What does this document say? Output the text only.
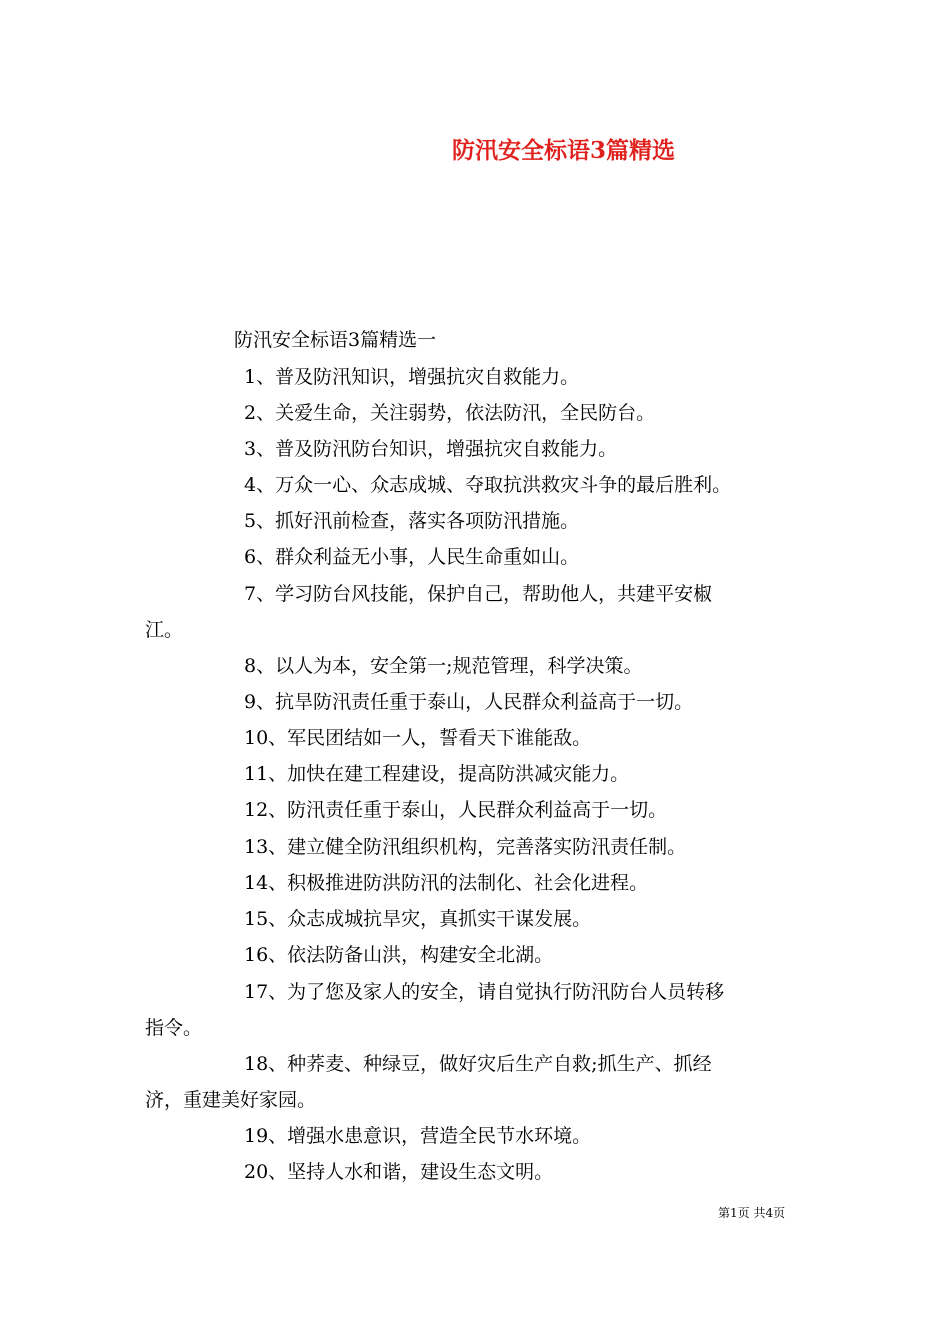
防汛安全标语3篇精选

防汛安全标语3篇精选一

1、普及防汛知识，增强抗灾自救能力。

2、关爱生命，关注弱势，依法防汛，全民防台。

3、普及防汛防台知识，增强抗灾自救能力。

4、万众一心、众志成城、夺取抗洪救灾斗争的最后胜利。

5、抓好汛前检查，落实各项防汛措施。

6、群众利益无小事，人民生命重如山。

7、学习防台风技能，保护自己，帮助他人，共建平安椒

江。

8、以人为本，安全第一;规范管理，科学决策。

9、抗旱防汛责任重于泰山，人民群众利益高于一切。

10、军民团结如一人，誓看天下谁能敌。

11、加快在建工程建设，提高防洪减灾能力。

12、防汛责任重于泰山，人民群众利益高于一切。

13、建立健全防汛组织机构，完善落实防汛责任制。

14、积极推进防洪防汛的法制化、社会化进程。

15、众志成城抗旱灾，真抓实干谋发展。

16、依法防备山洪，构建安全北湖。

17、为了您及家人的安全，请自觉执行防汛防台人员转移

指令。

18、种荞麦、种绿豆，做好灾后生产自救;抓生产、抓经

济，重建美好家园。

19、增强水患意识，营造全民节水环境。

20、坚持人水和谐，建设生态文明。

第1页 共4页
